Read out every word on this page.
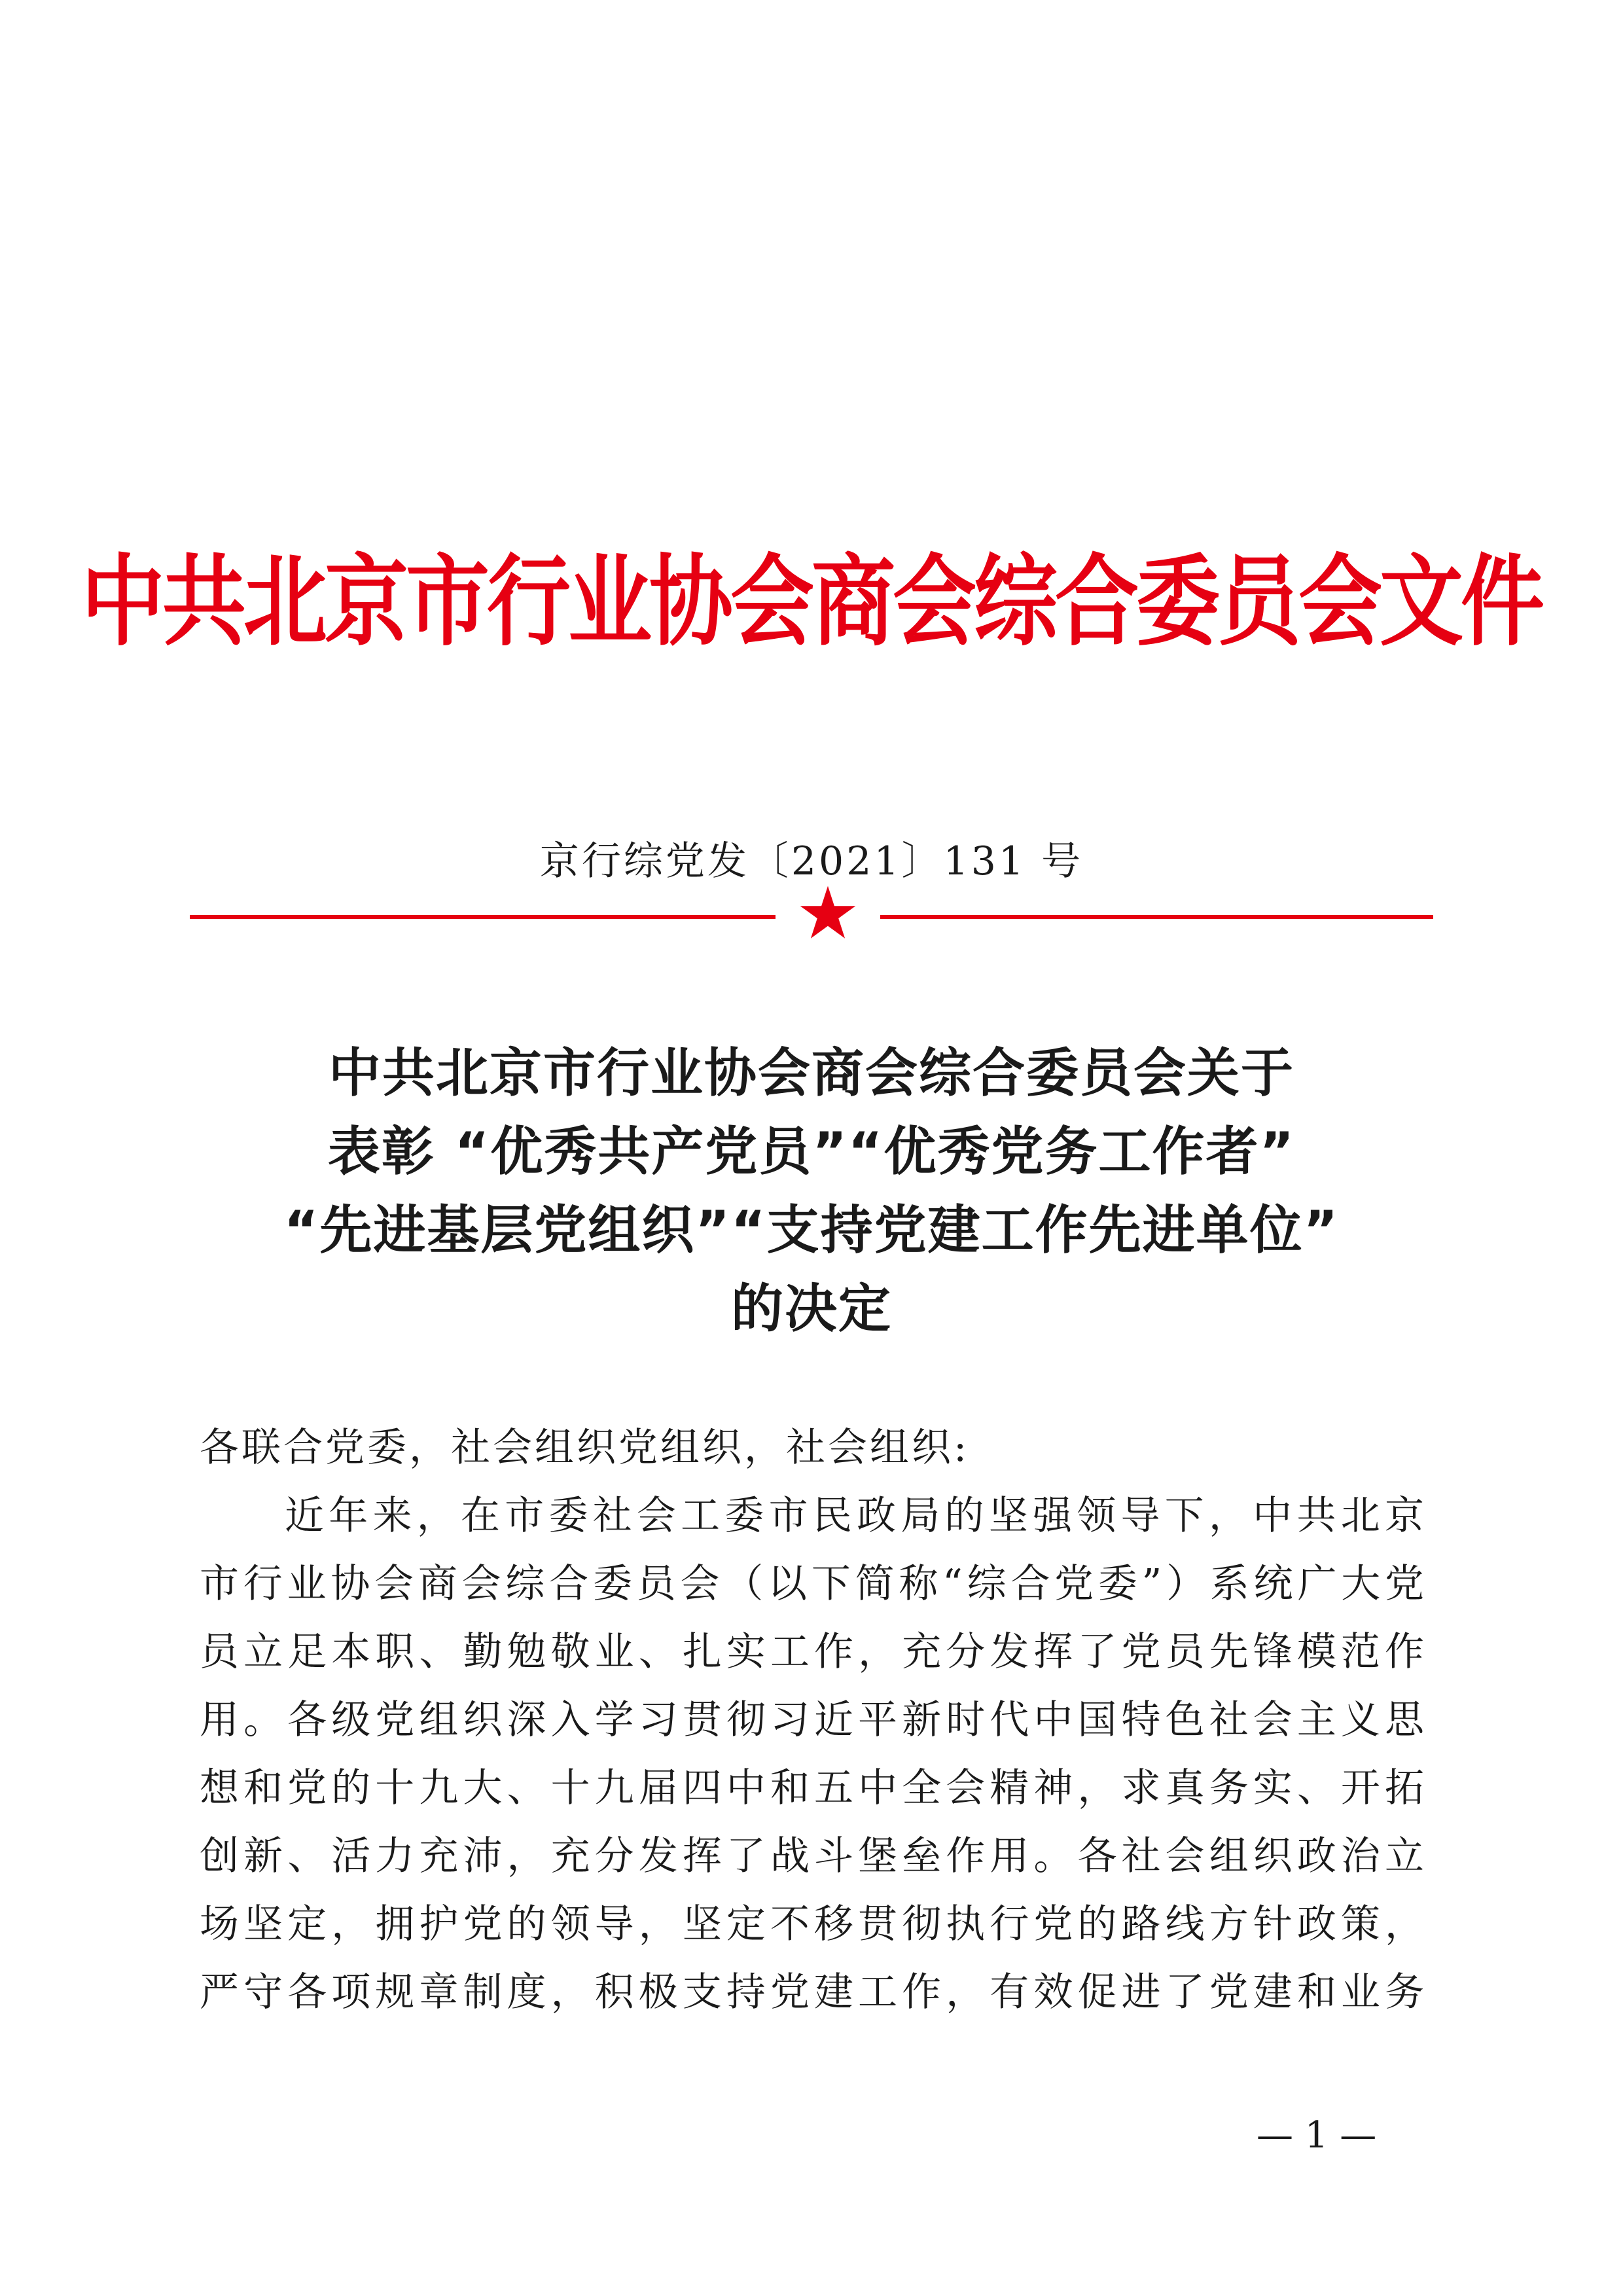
中共北京市行业协会商会综合委员会文件
京行综党发〔2021〕131 号
中共北京市行业协会商会综合委员会关于
表彰 “优秀共产党员”“优秀党务工作者”
“先进基层党组织”“支持党建工作先进单位”
的决定
各联合党委，社会组织党组织，社会组织:
近年来，在市委社会工委市民政局的坚强领导下，中共北京
市行业协会商会综合委员会（以下简称“综合党委”）系统广大党
员立足本职、勤勉敬业、扎实工作，充分发挥了党员先锋模范作
用。各级党组织深入学习贯彻习近平新时代中国特色社会主义思
想和党的十九大、十九届四中和五中全会精神，求真务实、开拓
创新、活力充沛，充分发挥了战斗堡垒作用。各社会组织政治立
场坚定，拥护党的领导，坚定不移贯彻执行党的路线方针政策，
严守各项规章制度，积极支持党建工作，有效促进了党建和业务
— 1 —
